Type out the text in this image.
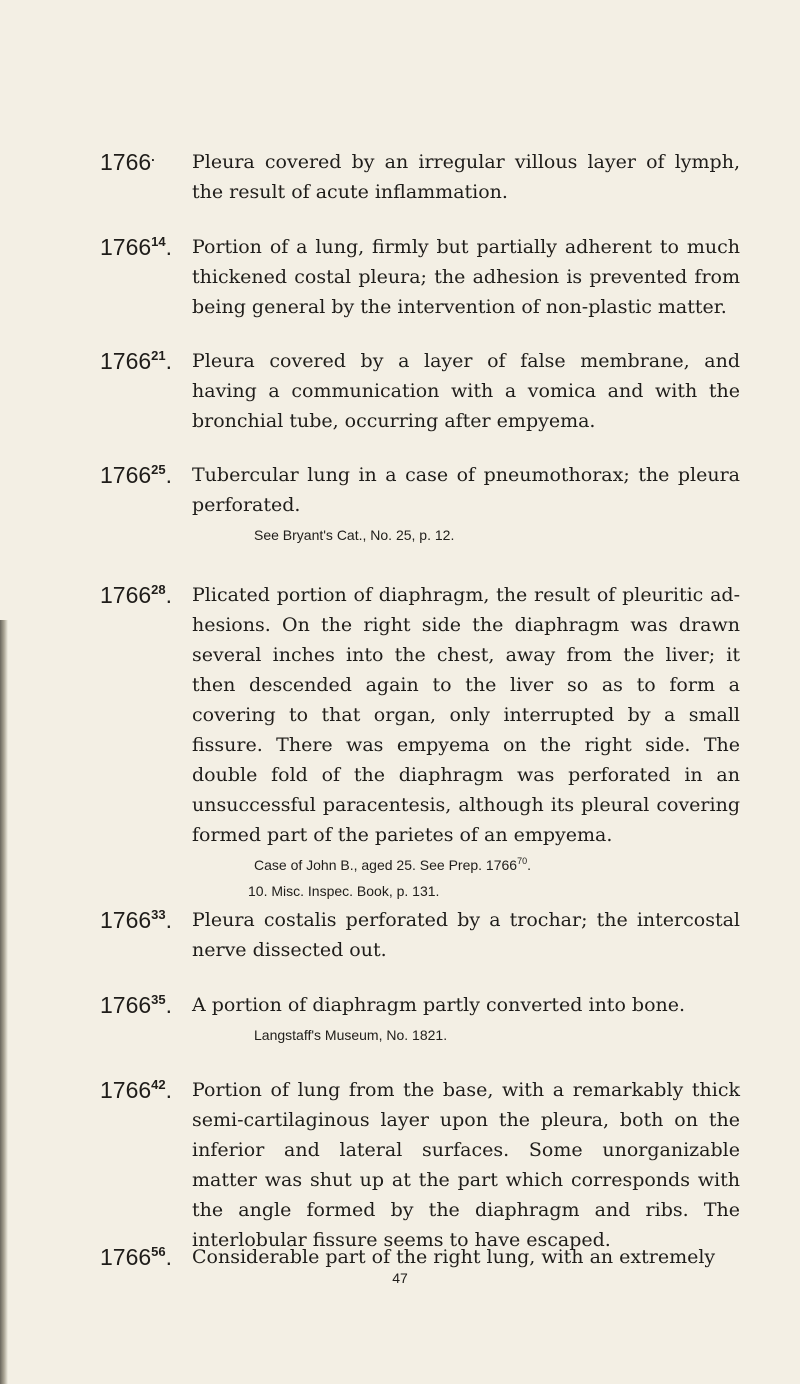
1766. Pleura covered by an irregular villous layer of lymph, the result of acute inflammation.
1766$^{14}$. Portion of a lung, firmly but partially adherent to much thickened costal pleura; the adhesion is prevented from being general by the intervention of non-plastic matter.
1766$^{21}$. Pleura covered by a layer of false membrane, and having a communication with a vomica and with the bronchial tube, occurring after empyema.
1766$^{25}$. Tubercular lung in a case of pneumothorax; the pleura perforated.
See Bryant's Cat., No. 25, p. 12.
1766$^{28}$. Plicated portion of diaphragm, the result of pleuritic adhesions. On the right side the diaphragm was drawn several inches into the chest, away from the liver; it then descended again to the liver so as to form a covering to that organ, only interrupted by a small fissure. There was empyema on the right side. The double fold of the diaphragm was perforated in an unsuccessful paracentesis, although its pleural covering formed part of the parietes of an empyema.
Case of John B., aged 25. See Prep. 1766$^{70}$.
10. Misc. Inspec. Book, p. 131.
1766$^{33}$. Pleura costalis perforated by a trochar; the intercostal nerve dissected out.
1766$^{35}$. A portion of diaphragm partly converted into bone.
Langstaff's Museum, No. 1821.
1766$^{42}$. Portion of lung from the base, with a remarkably thick semi-cartilaginous layer upon the pleura, both on the inferior and lateral surfaces. Some unorganizable matter was shut up at the part which corresponds with the angle formed by the diaphragm and ribs. The interlobular fissure seems to have escaped.
1766$^{56}$. Considerable part of the right lung, with an extremely
47
